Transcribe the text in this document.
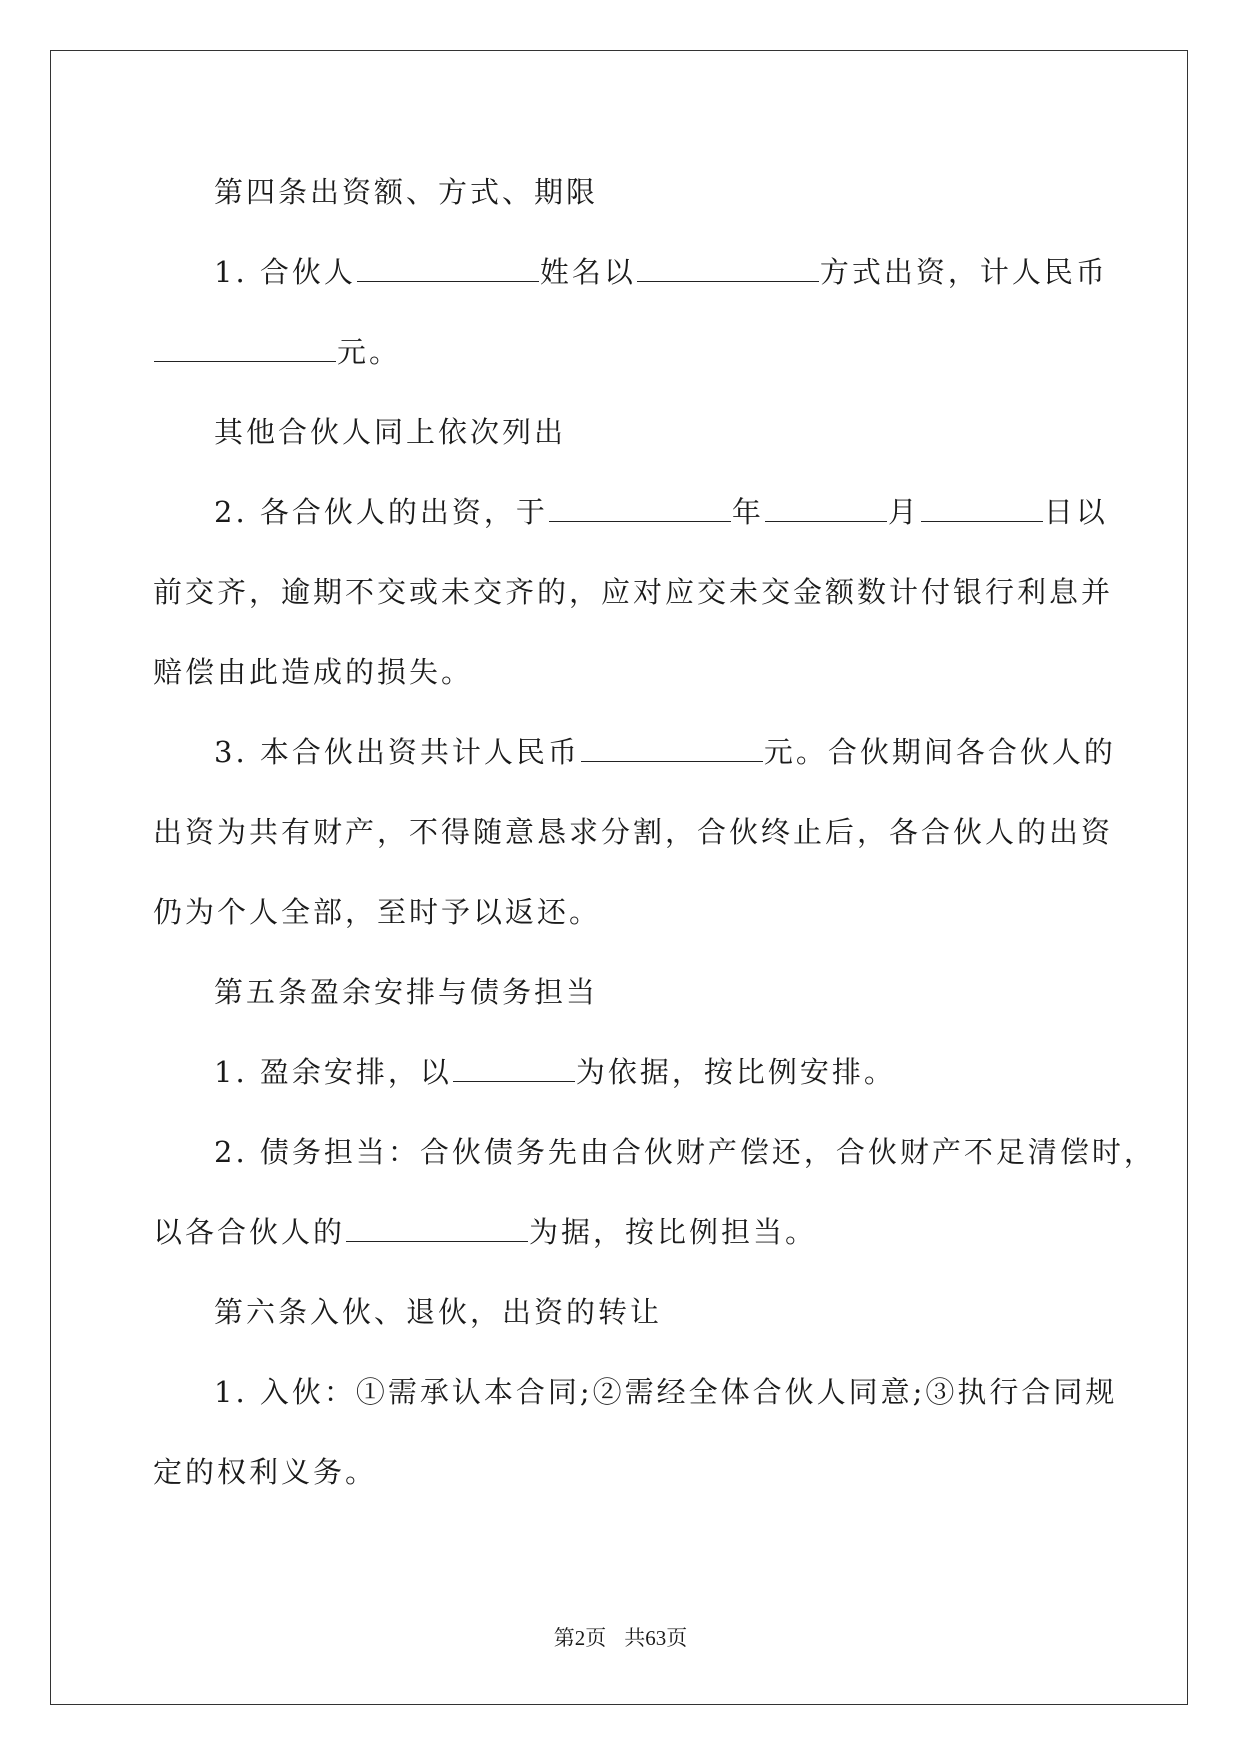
第四条出资额、方式、期限
1. 合伙人	姓名以	方式出资，计人民币
元。
其他合伙人同上依次列出
2. 各合伙人的出资，于	年	月	日以
前交齐，逾期不交或未交齐的，应对应交未交金额数计付银行利息并
赔偿由此造成的损失。
3. 本合伙出资共计人民币	元。合伙期间各合伙人的
出资为共有财产，不得随意恳求分割，合伙终止后，各合伙人的出资
仍为个人全部，至时予以返还。
第五条盈余安排与债务担当
1. 盈余安排，以	为依据，按比例安排。
2. 债务担当：合伙债务先由合伙财产偿还，合伙财产不足清偿时，
以各合伙人的	为据，按比例担当。
第六条入伙、退伙，出资的转让
1. 入伙：①需承认本合同;②需经全体合伙人同意;③执行合同规
定的权利义务。
第2页 共63页
